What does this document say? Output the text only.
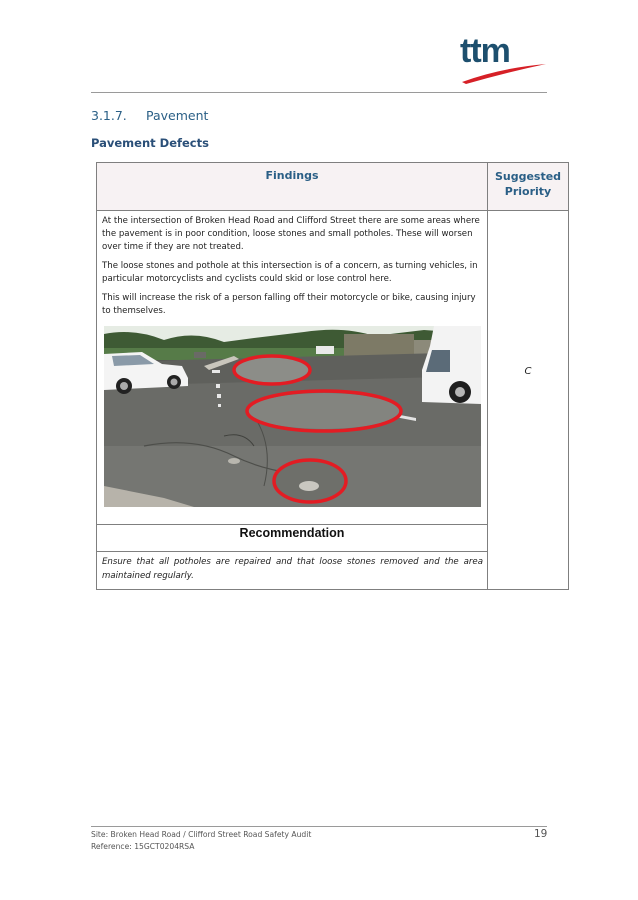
ttm
3.1.7. Pavement
Pavement Defects
Findings	Suggested
Priority

At the intersection of Broken Head Road and Clifford Street there are some areas where the pavement is in poor condition, loose stones and small potholes. These will worsen over time if they are not treated.

The loose stones and pothole at this intersection is of a concern, as turning vehicles, in particular motorcyclists and cyclists could skid or lose control here.

This will increase the risk of a person falling off their motorcycle or bike, causing injury to themselves.	C
Recommendation	
Ensure that all potholes are repaired and that loose stones removed and the area maintained regularly.	
Site: Broken Head Road / Clifford Street Road Safety Audit
Reference: 15GCT0204RSA
19
